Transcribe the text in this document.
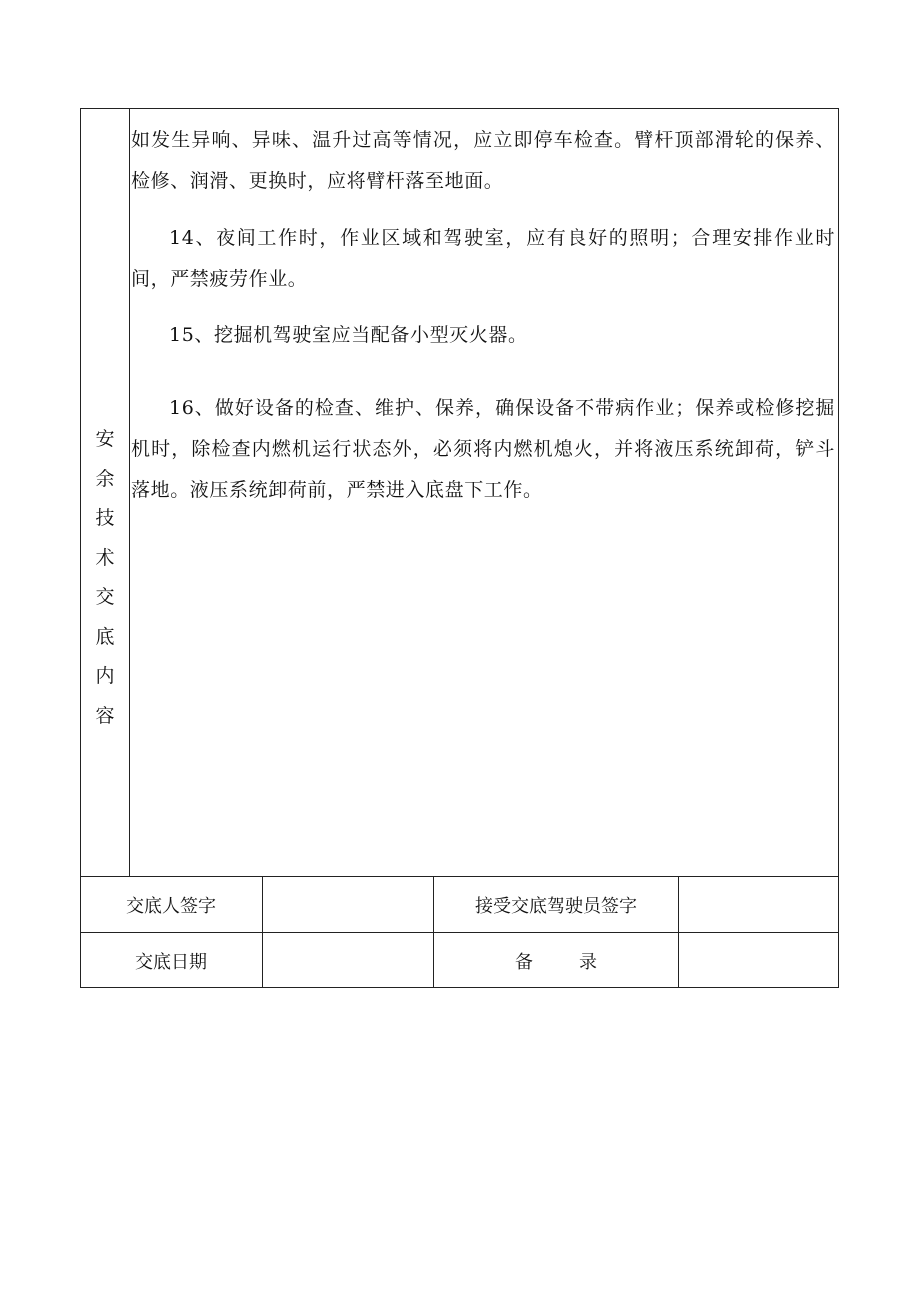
安
余
技
术
交
底
内
容

如发生异响、异味、温升过高等情况，应立即停车检查。臂杆顶部滑轮的保养、检修、润滑、更换时，应将臂杆落至地面。

14、夜间工作时，作业区域和驾驶室，应有良好的照明；合理安排作业时间，严禁疲劳作业。

15、挖掘机驾驶室应当配备小型灭火器。

16、做好设备的检查、维护、保养，确保设备不带病作业；保养或检修挖掘机时，除检查内燃机运行状态外，必须将内燃机熄火，并将液压系统卸荷，铲斗落地。液压系统卸荷前，严禁进入底盘下工作。

交底人签字	接受交底驾驶员签字
交底日期	备	录
